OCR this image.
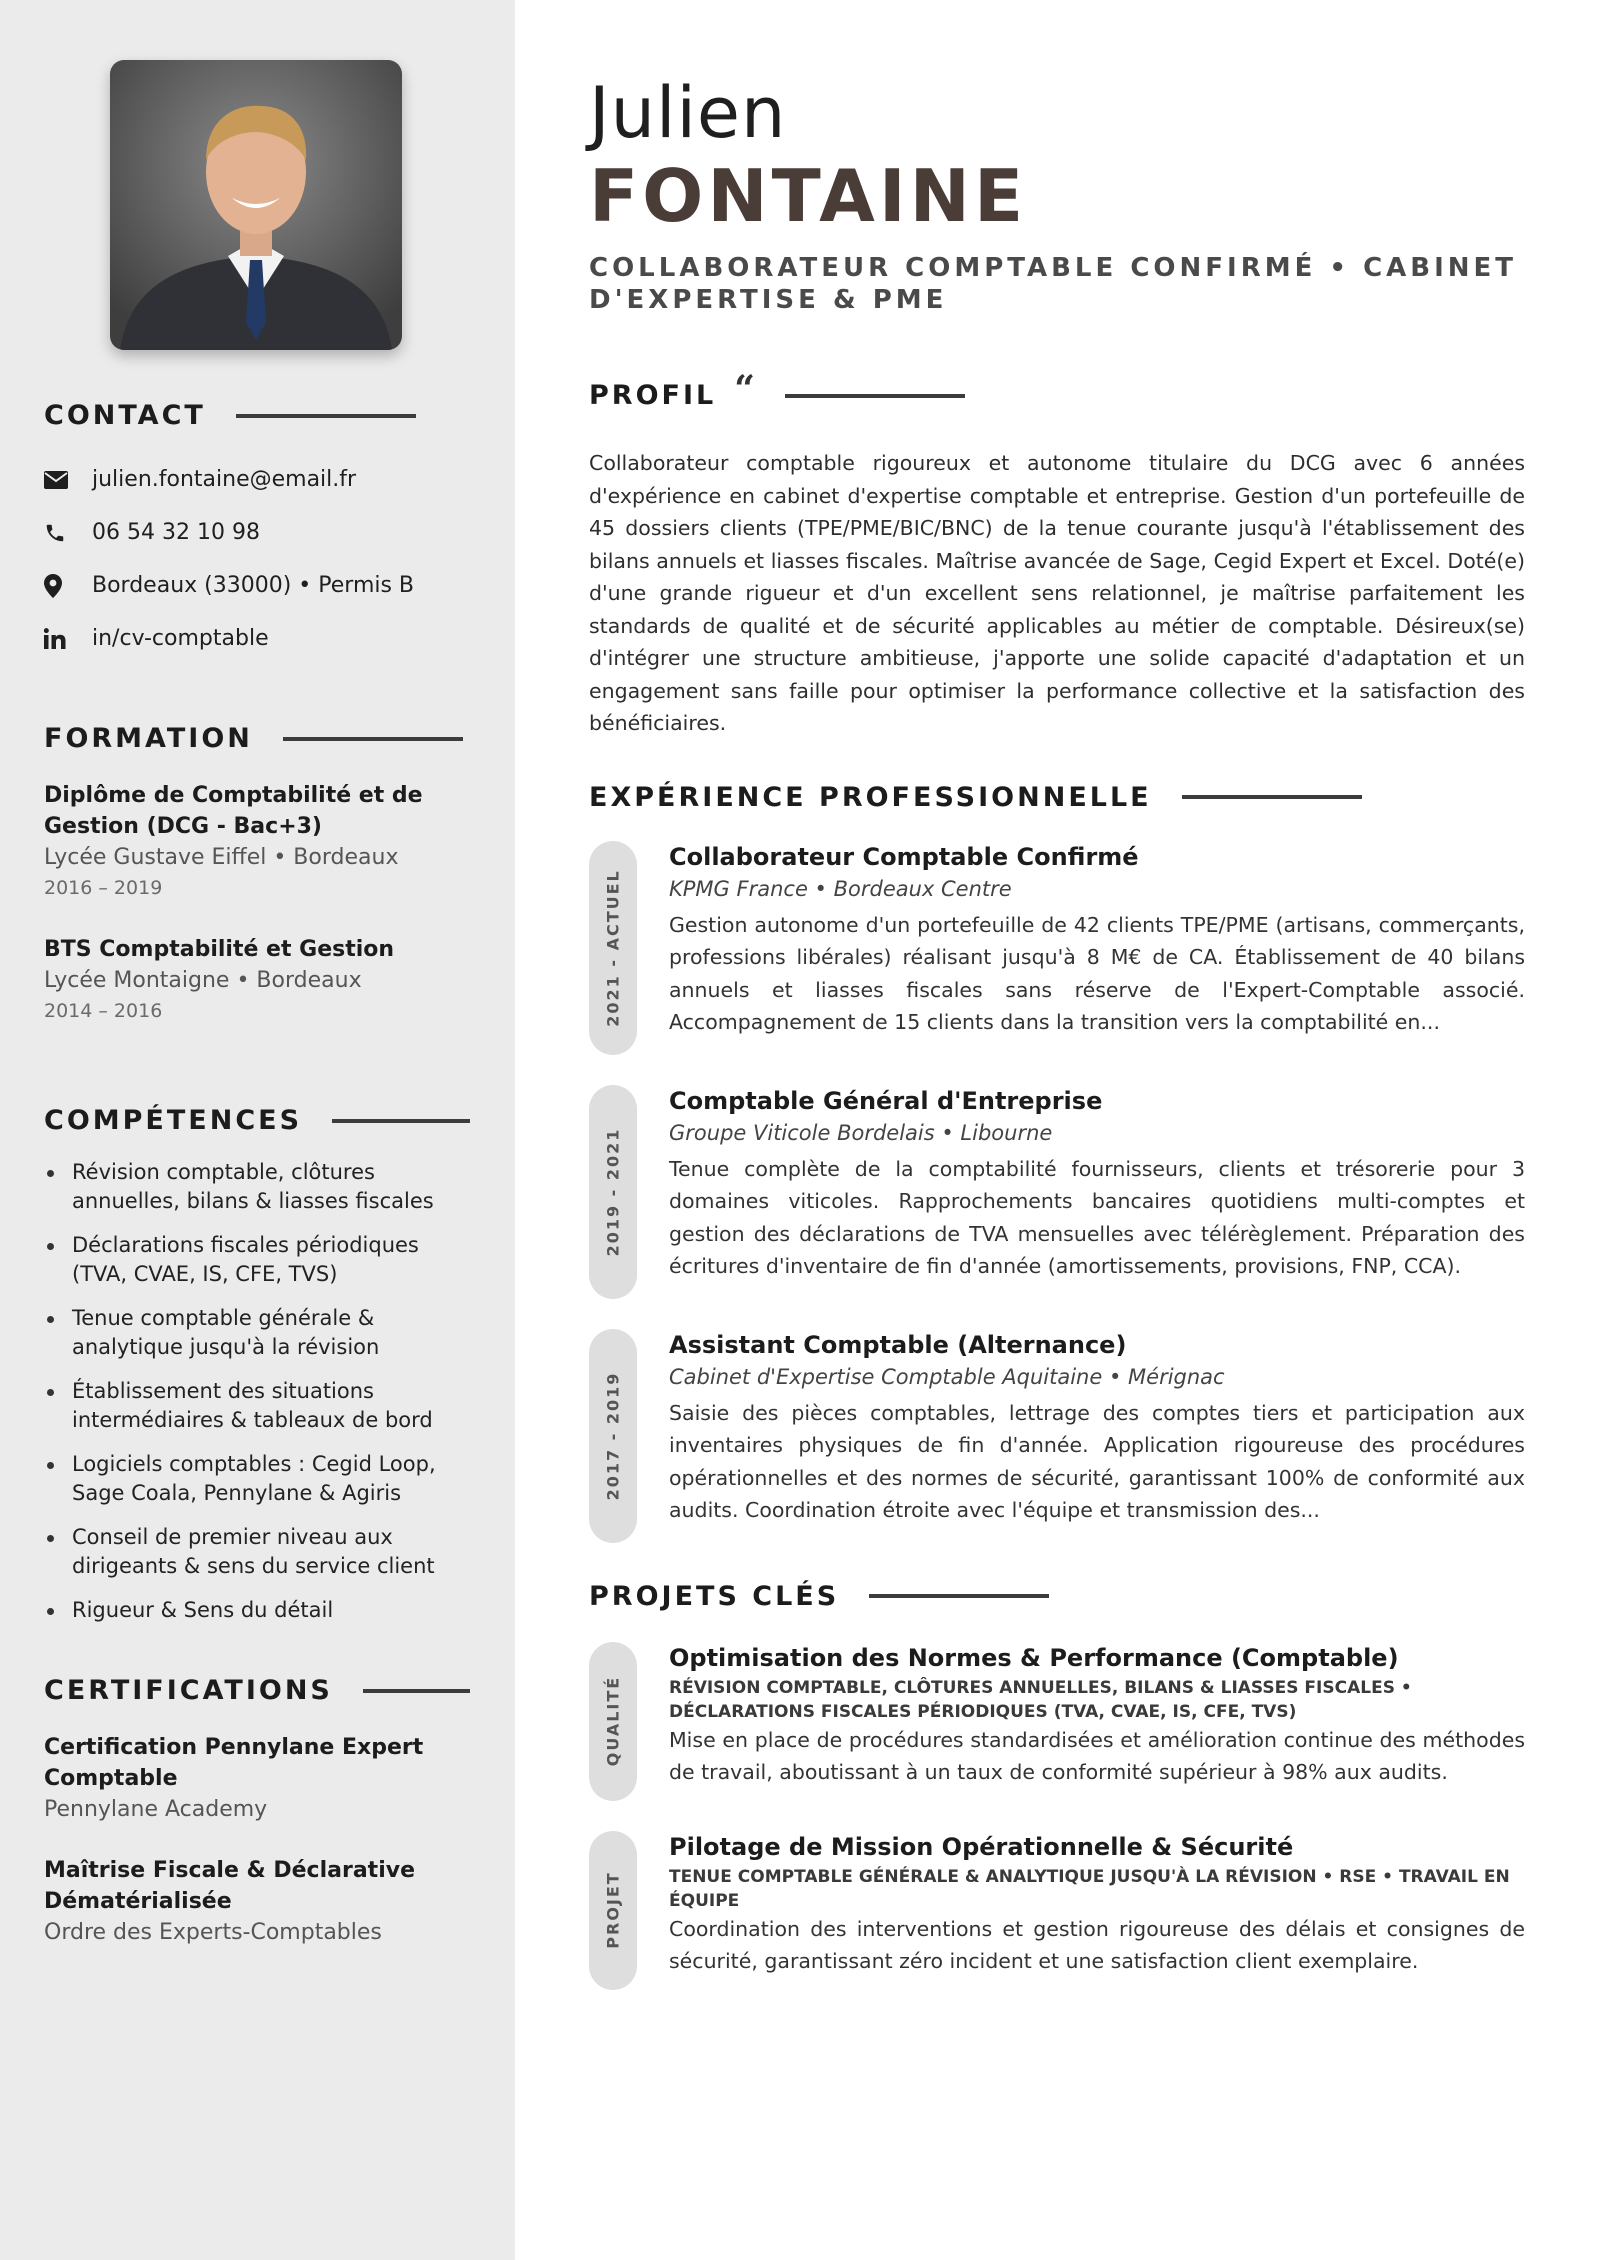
CONTACT
julien.fontaine@email.fr
06 54 32 10 98
Bordeaux (33000) • Permis B
in/cv-comptable
FORMATION
Diplôme de Comptabilité et de Gestion (DCG - Bac+3)
Lycée Gustave Eiffel • Bordeaux
2016 – 2019
BTS Comptabilité et Gestion
Lycée Montaigne • Bordeaux
2014 – 2016
COMPÉTENCES
Révision comptable, clôtures annuelles, bilans & liasses fiscales
Déclarations fiscales périodiques (TVA, CVAE, IS, CFE, TVS)
Tenue comptable générale & analytique jusqu'à la révision
Établissement des situations intermédiaires & tableaux de bord
Logiciels comptables : Cegid Loop, Sage Coala, Pennylane & Agiris
Conseil de premier niveau aux dirigeants & sens du service client
Rigueur & Sens du détail
CERTIFICATIONS
Certification Pennylane Expert Comptable
Pennylane Academy
Maîtrise Fiscale & Déclarative Dématérialisée
Ordre des Experts-Comptables
Julien
FONTAINE
COLLABORATEUR COMPTABLE CONFIRMÉ • CABINET D'EXPERTISE & PME
PROFIL “
Collaborateur comptable rigoureux et autonome titulaire du DCG avec 6 années d'expérience en cabinet d'expertise comptable et entreprise. Gestion d'un portefeuille de 45 dossiers clients (TPE/PME/BIC/BNC) de la tenue courante jusqu'à l'établissement des bilans annuels et liasses fiscales. Maîtrise avancée de Sage, Cegid Expert et Excel. Doté(e) d'une grande rigueur et d'un excellent sens relationnel, je maîtrise parfaitement les standards de qualité et de sécurité applicables au métier de comptable. Désireux(se) d'intégrer une structure ambitieuse, j'apporte une solide capacité d'adaptation et un engagement sans faille pour optimiser la performance collective et la satisfaction des bénéficiaires.
EXPÉRIENCE PROFESSIONNELLE
2021 - ACTUEL
Collaborateur Comptable Confirmé
KPMG France • Bordeaux Centre
Gestion autonome d'un portefeuille de 42 clients TPE/PME (artisans, commerçants, professions libérales) réalisant jusqu'à 8 M€ de CA. Établissement de 40 bilans annuels et liasses fiscales sans réserve de l'Expert-Comptable associé. Accompagnement de 15 clients dans la transition vers la comptabilité en...
2019 - 2021
Comptable Général d'Entreprise
Groupe Viticole Bordelais • Libourne
Tenue complète de la comptabilité fournisseurs, clients et trésorerie pour 3 domaines viticoles. Rapprochements bancaires quotidiens multi-comptes et gestion des déclarations de TVA mensuelles avec télérèglement. Préparation des écritures d'inventaire de fin d'année (amortissements, provisions, FNP, CCA).
2017 - 2019
Assistant Comptable (Alternance)
Cabinet d'Expertise Comptable Aquitaine • Mérignac
Saisie des pièces comptables, lettrage des comptes tiers et participation aux inventaires physiques de fin d'année. Application rigoureuse des procédures opérationnelles et des normes de sécurité, garantissant 100% de conformité aux audits. Coordination étroite avec l'équipe et transmission des...
PROJETS CLÉS
QUALITÉ
Optimisation des Normes & Performance (Comptable)
RÉVISION COMPTABLE, CLÔTURES ANNUELLES, BILANS & LIASSES FISCALES • DÉCLARATIONS FISCALES PÉRIODIQUES (TVA, CVAE, IS, CFE, TVS)
Mise en place de procédures standardisées et amélioration continue des méthodes de travail, aboutissant à un taux de conformité supérieur à 98% aux audits.
PROJET
Pilotage de Mission Opérationnelle & Sécurité
TENUE COMPTABLE GÉNÉRALE & ANALYTIQUE JUSQU'À LA RÉVISION • RSE • TRAVAIL EN ÉQUIPE
Coordination des interventions et gestion rigoureuse des délais et consignes de sécurité, garantissant zéro incident et une satisfaction client exemplaire.
